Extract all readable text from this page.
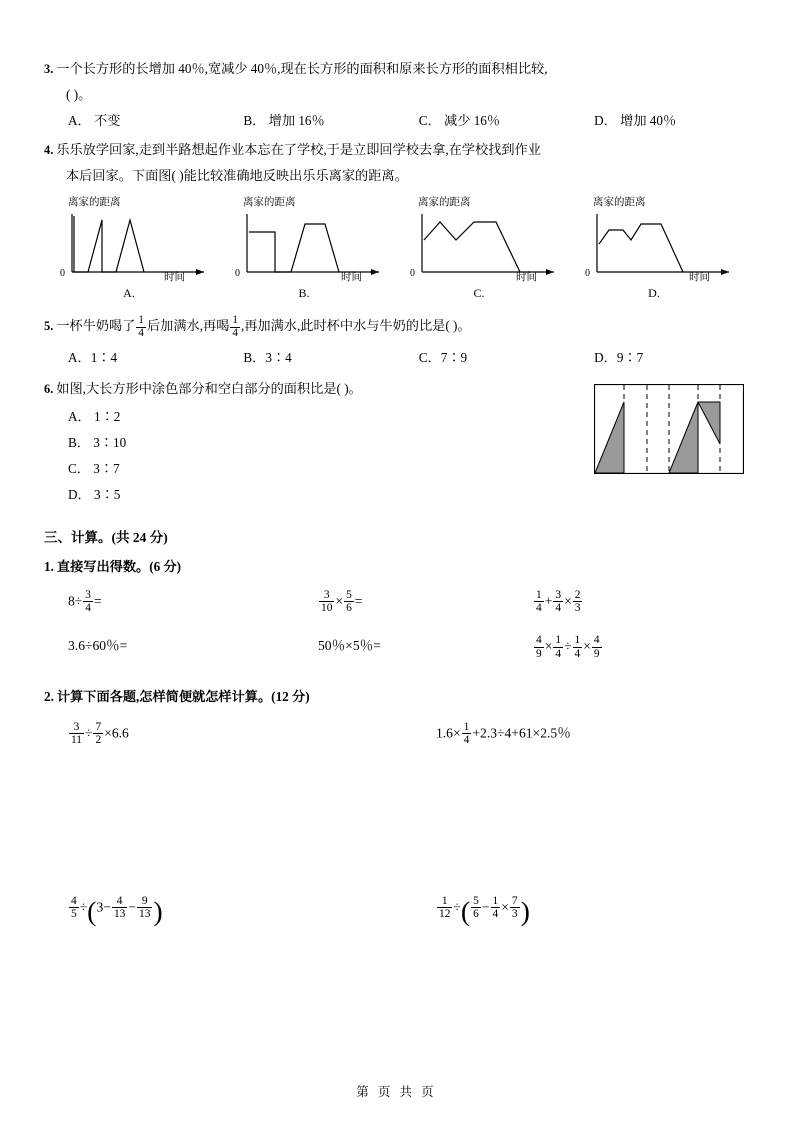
3. 一个长方形的长增加 40％,宽减少 40％,现在长方形的面积和原来长方形的面积相比较,
( )。
A． 不变	B． 增加 16％	C． 减少 16％	D． 增加 40％
4. 乐乐放学回家,走到半路想起作业本忘在了学校,于是立即回学校去拿,在学校找到作业
本后回家。下面图( )能比较准确地反映出乐乐离家的距离。
离家的距离
0	时间
A.
离家的距离
0	时间
B.
离家的距离
0	时间
C.
离家的距离
0	时间
D.
5. 一杯牛奶喝了 $\frac{1}{4}$ 后加满水,再喝 $\frac{1}{4}$ ,再加满水,此时杯中水与牛奶的比是( )。
A．1∶4	B．3∶4	C．7∶9	D．9∶7
6. 如图,大长方形中涂色部分和空白部分的面积比是( )。
A． 1∶2
B． 3∶10
C． 3∶7
D． 3∶5
三、计算。(共 24 分)
1. 直接写出得数。(6 分)
$8\div \frac{3}{4}$ =	$\frac{3}{10} \times \frac{5}{6}$ =	$\frac{1}{4} + \frac{3}{4} \times \frac{2}{3}$
3.6÷60％=	50％×5％=	$\frac{4}{9} \times \frac{1}{4} \div \frac{1}{4} \times \frac{4}{9}$
2. 计算下面各题,怎样简便就怎样计算。(12 分)
$\frac{3}{11} \div \frac{7}{2} \times 6.6$	$1.6\times \frac{1}{4} +2.3\div 4+61\times 2.5$％
$\frac{4}{5} \div(3- \frac{4}{13} - \frac{9}{13}$ )	$\frac{1}{12}$ ÷( $\frac{5}{6} - \frac{1}{4} \times \frac{7}{3}$ )
第 页 共 页
